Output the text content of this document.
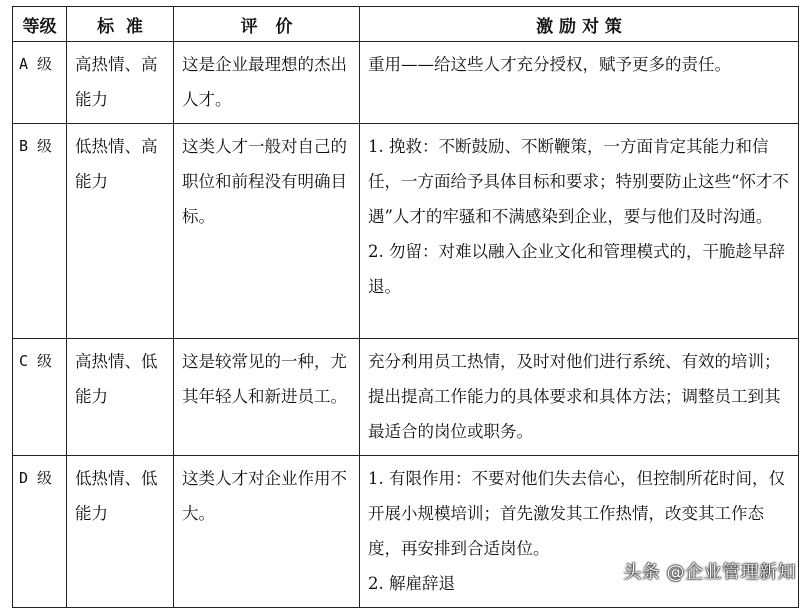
等级	标  准	评   价	激 励 对 策

A 级	高热情、高能力	这是企业最理想的杰出人才。	重用——给这些人才充分授权，赋予更多的责任。

B 级	低热情、高能力	这类人才一般对自己的职位和前程没有明确目标。	1. 挽救：不断鼓励、不断鞭策，一方面肯定其能力和信任，一方面给予具体目标和要求；特别要防止这些“怀才不遇”人才的牢骚和不满感染到企业，要与他们及时沟通。
2. 勿留：对难以融入企业文化和管理模式的，干脆趁早辞退。

C 级	高热情、低能力	这是较常见的一种，尤其年轻人和新进员工。	充分利用员工热情，及时对他们进行系统、有效的培训；提出提高工作能力的具体要求和具体方法；调整员工到其最适合的岗位或职务。

D 级	低热情、低能力	这类人才对企业作用不大。	1. 有限作用：不要对他们失去信心，但控制所花时间，仅开展小规模培训；首先激发其工作热情，改变其工作态度，再安排到合适岗位。
2. 解雇辞退
头条 @企业管理新知
